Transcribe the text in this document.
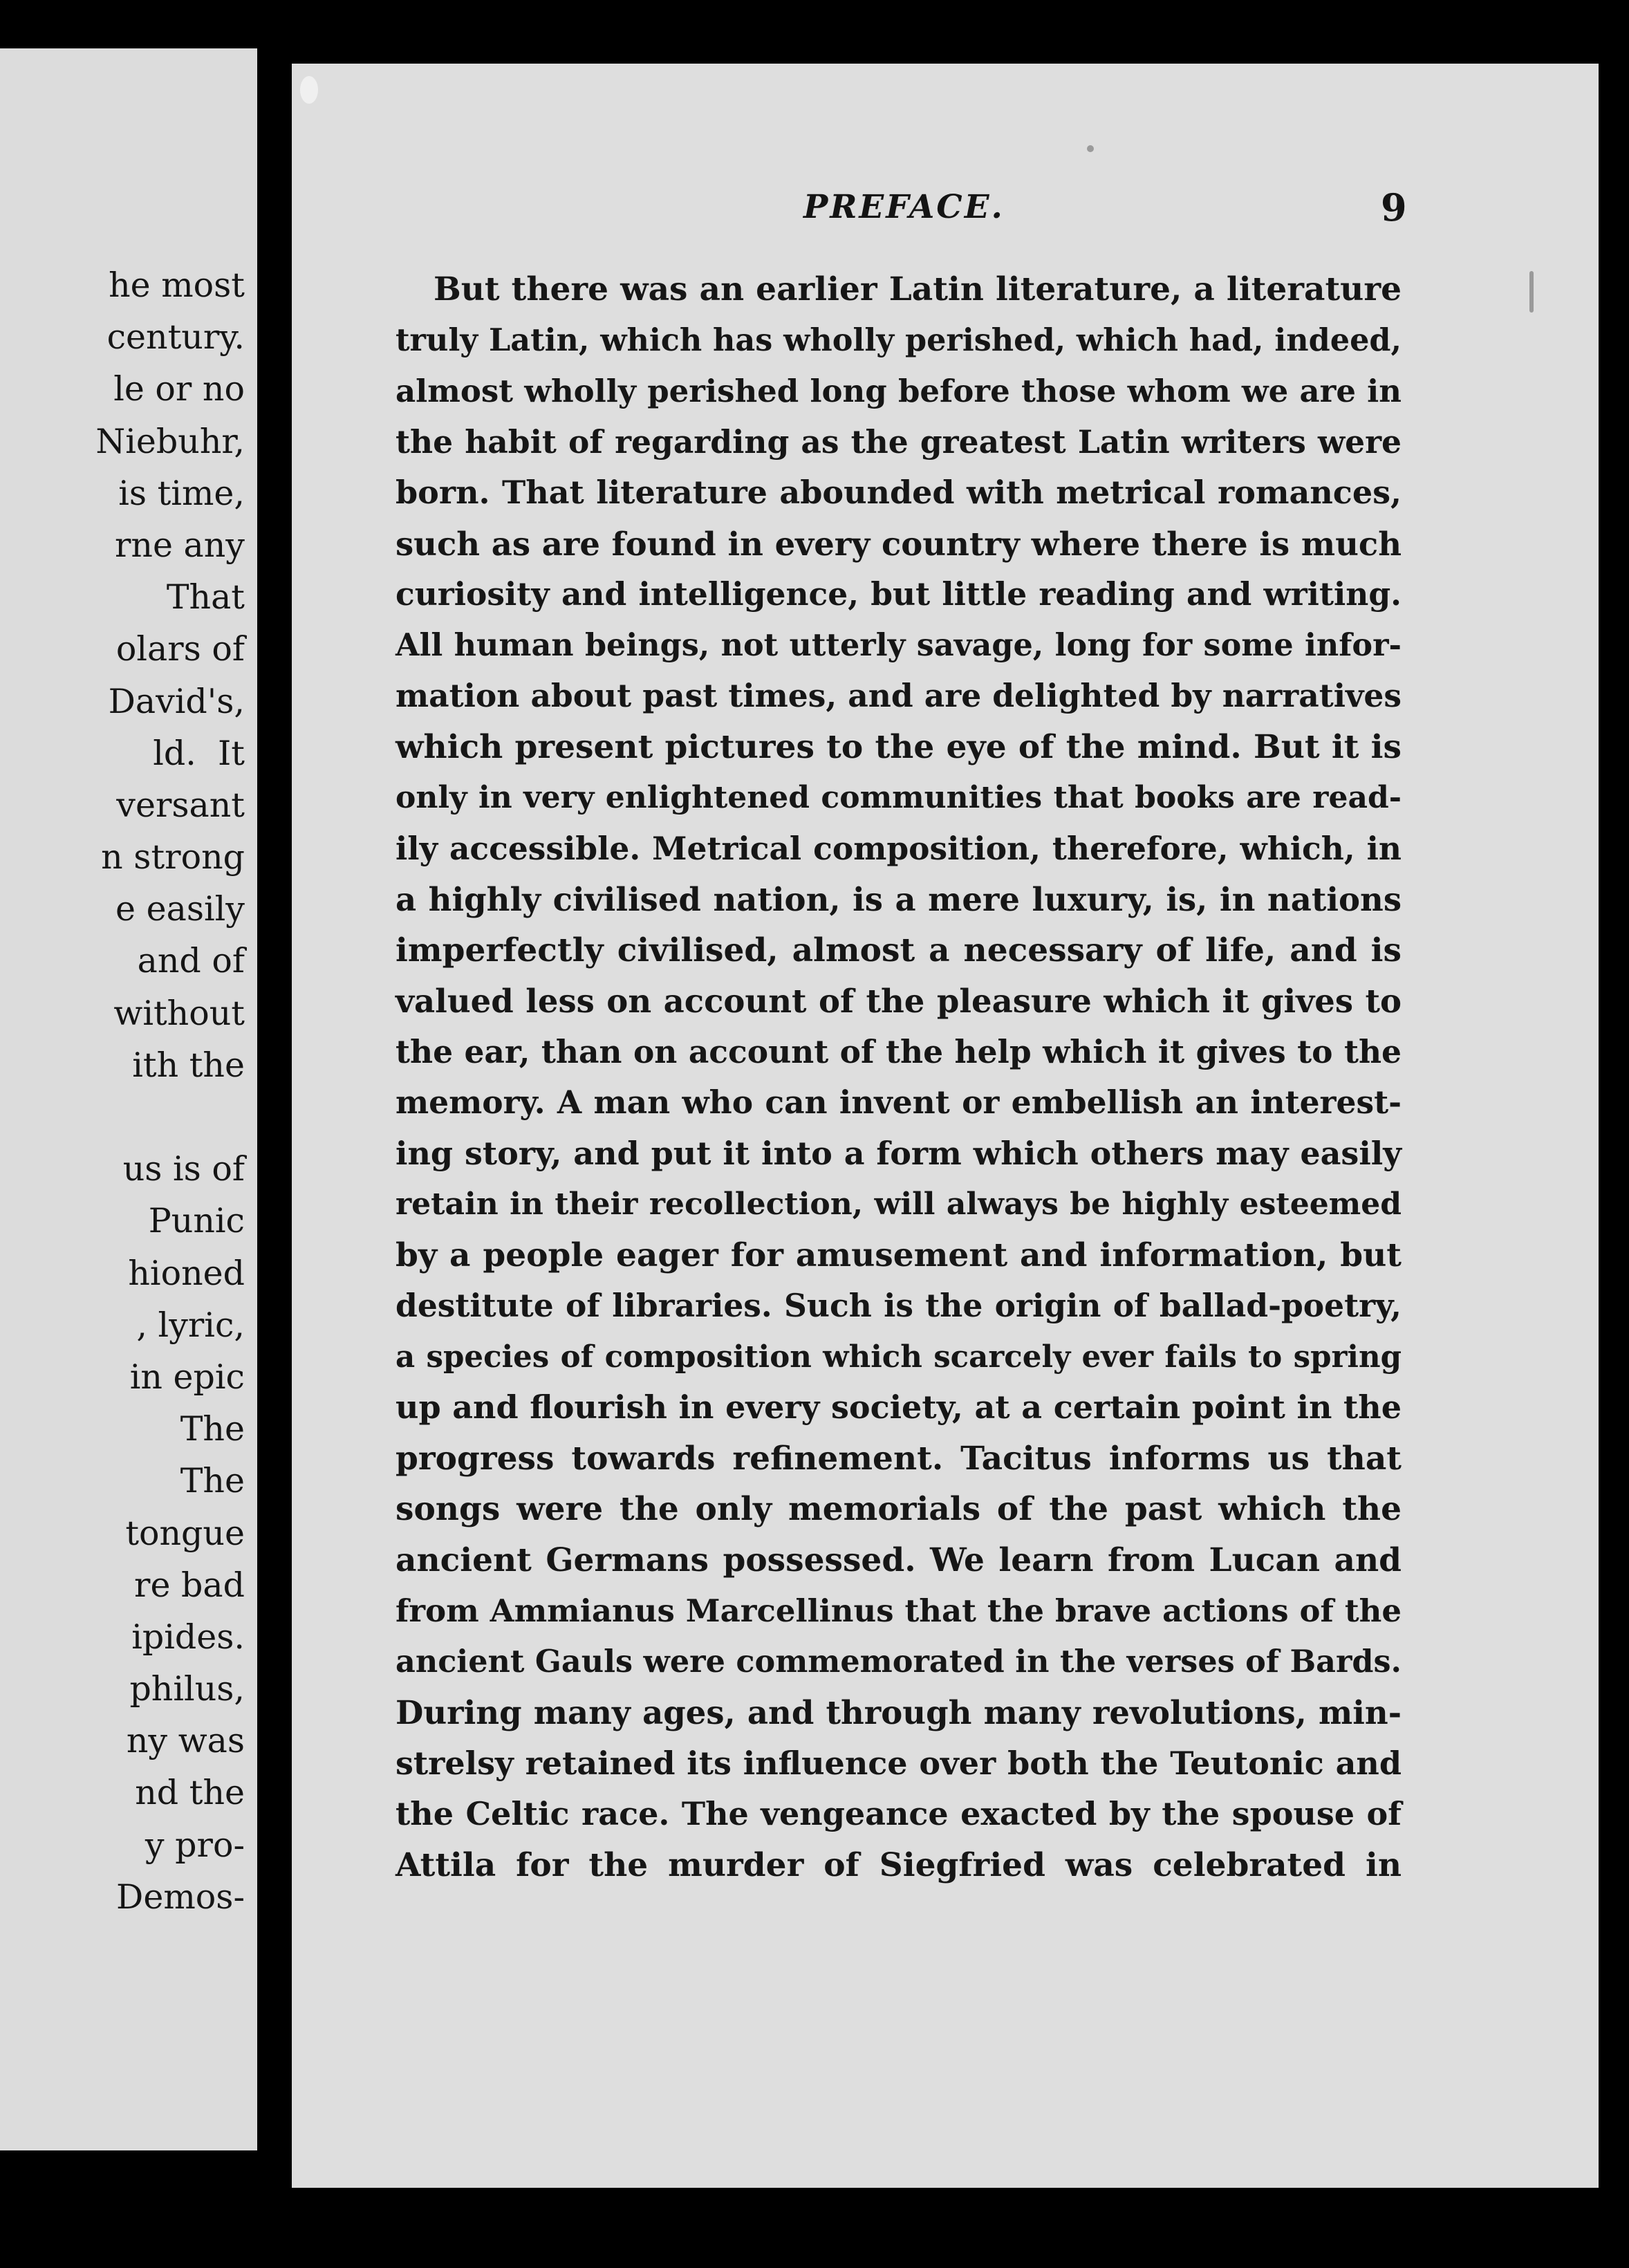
he most
century.
le or no
Niebuhr,
is time,
rne any
That
olars of
David's,
ld.  It
versant
n strong
e easily
and of
without
ith the
us is of
Punic
hioned
, lyric,
in epic
The
The
tongue
re bad
ipides.
philus,
ny was
nd the
y pro-
Demos-
PREFACE.	9
But there was an earlier Latin literature, a literature
truly Latin, which has wholly perished, which had, indeed,
almost wholly perished long before those whom we are in
the habit of regarding as the greatest Latin writers were
born. That literature abounded with metrical romances,
such as are found in every country where there is much
curiosity and intelligence, but little reading and writing.
All human beings, not utterly savage, long for some infor-
mation about past times, and are delighted by narratives
which present pictures to the eye of the mind. But it is
only in very enlightened communities that books are read-
ily accessible. Metrical composition, therefore, which, in
a highly civilised nation, is a mere luxury, is, in nations
imperfectly civilised, almost a necessary of life, and is
valued less on account of the pleasure which it gives to
the ear, than on account of the help which it gives to the
memory. A man who can invent or embellish an interest-
ing story, and put it into a form which others may easily
retain in their recollection, will always be highly esteemed
by a people eager for amusement and information, but
destitute of libraries. Such is the origin of ballad-poetry,
a species of composition which scarcely ever fails to spring
up and flourish in every society, at a certain point in the
progress towards refinement. Tacitus informs us that
songs were the only memorials of the past which the
ancient Germans possessed. We learn from Lucan and
from Ammianus Marcellinus that the brave actions of the
ancient Gauls were commemorated in the verses of Bards.
During many ages, and through many revolutions, min-
strelsy retained its influence over both the Teutonic and
the Celtic race. The vengeance exacted by the spouse of
Attila for the murder of Siegfried was celebrated in
